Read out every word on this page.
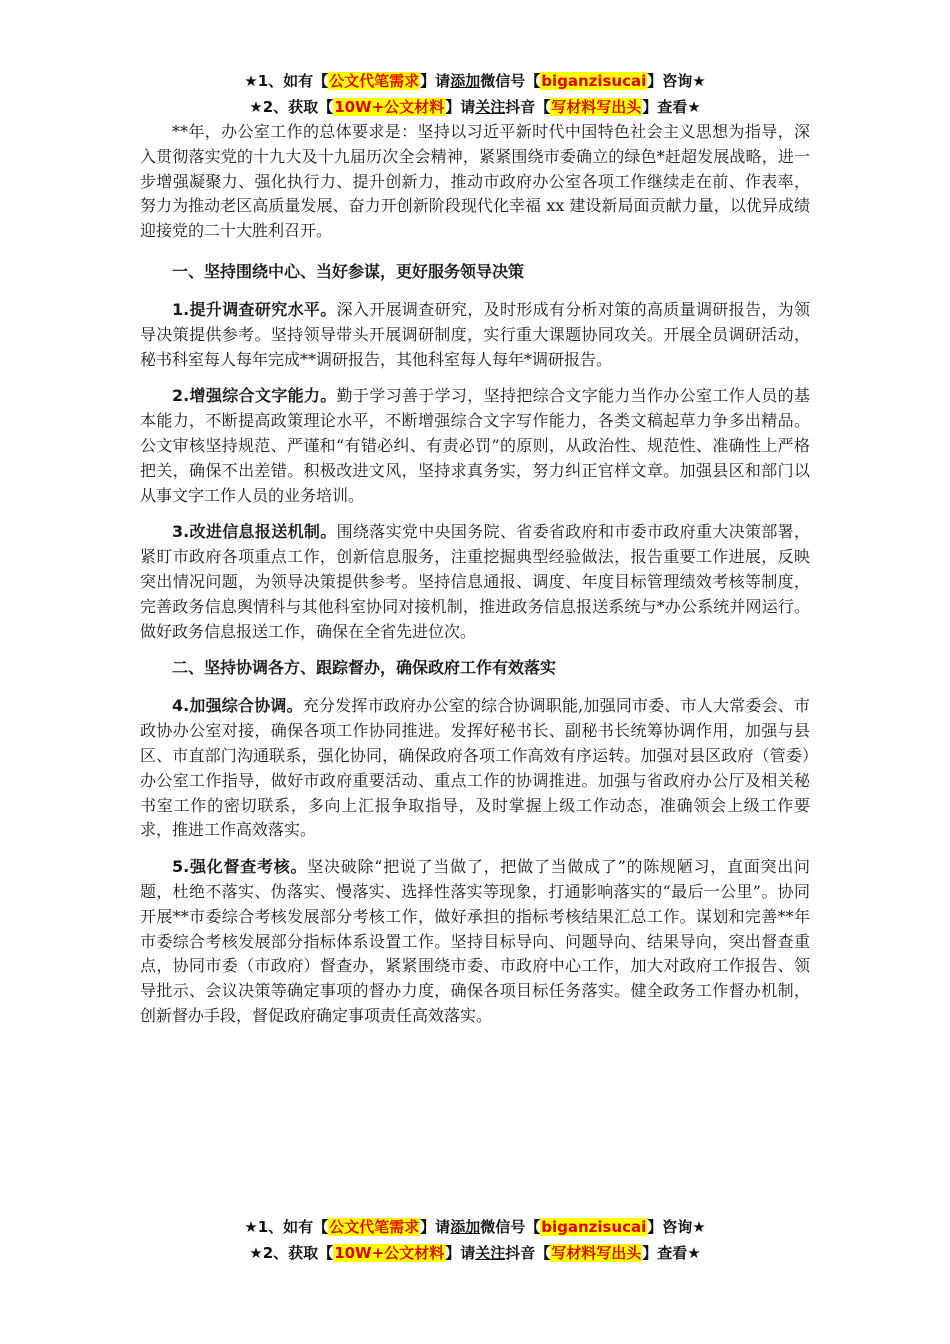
★1、如有【公文代笔需求】请添加微信号【biganzisucai】咨询★
★2、获取【10W+公文材料】请关注抖音【写材料写出头】查看★

**年，办公室工作的总体要求是：坚持以习近平新时代中国特色社会主义思想为指导，深入贯彻落实党的十九大及十九届历次全会精神，紧紧围绕市委确立的绿色*赶超发展战略，进一步增强凝聚力、强化执行力、提升创新力，推动市政府办公室各项工作继续走在前、作表率，努力为推动老区高质量发展、奋力开创新阶段现代化幸福 xx 建设新局面贡献力量，以优异成绩迎接党的二十大胜利召开。

一、坚持围绕中心、当好参谋，更好服务领导决策

1.提升调查研究水平。深入开展调查研究，及时形成有分析对策的高质量调研报告，为领导决策提供参考。坚持领导带头开展调研制度，实行重大课题协同攻关。开展全员调研活动，秘书科室每人每年完成**调研报告，其他科室每人每年*调研报告。

2.增强综合文字能力。勤于学习善于学习，坚持把综合文字能力当作办公室工作人员的基本能力，不断提高政策理论水平，不断增强综合文字写作能力，各类文稿起草力争多出精品。公文审核坚持规范、严谨和“有错必纠、有责必罚”的原则，从政治性、规范性、准确性上严格把关，确保不出差错。积极改进文风，坚持求真务实，努力纠正官样文章。加强县区和部门以从事文字工作人员的业务培训。

3.改进信息报送机制。围绕落实党中央国务院、省委省政府和市委市政府重大决策部署，紧盯市政府各项重点工作，创新信息服务，注重挖掘典型经验做法，报告重要工作进展，反映突出情况问题，为领导决策提供参考。坚持信息通报、调度、年度目标管理绩效考核等制度，完善政务信息舆情科与其他科室协同对接机制，推进政务信息报送系统与*办公系统并网运行。做好政务信息报送工作，确保在全省先进位次。

二、坚持协调各方、跟踪督办，确保政府工作有效落实

4.加强综合协调。充分发挥市政府办公室的综合协调职能,加强同市委、市人大常委会、市政协办公室对接，确保各项工作协同推进。发挥好秘书长、副秘书长统筹协调作用，加强与县区、市直部门沟通联系，强化协同，确保政府各项工作高效有序运转。加强对县区政府（管委）办公室工作指导，做好市政府重要活动、重点工作的协调推进。加强与省政府办公厅及相关秘书室工作的密切联系，多向上汇报争取指导，及时掌握上级工作动态，准确领会上级工作要求，推进工作高效落实。

5.强化督查考核。坚决破除“把说了当做了，把做了当做成了”的陈规陋习，直面突出问题，杜绝不落实、伪落实、慢落实、选择性落实等现象，打通影响落实的“最后一公里”。协同开展**市委综合考核发展部分考核工作，做好承担的指标考核结果汇总工作。谋划和完善**年市委综合考核发展部分指标体系设置工作。坚持目标导向、问题导向、结果导向，突出督查重点，协同市委（市政府）督查办，紧紧围绕市委、市政府中心工作，加大对政府工作报告、领导批示、会议决策等确定事项的督办力度，确保各项目标任务落实。健全政务工作督办机制，创新督办手段，督促政府确定事项责任高效落实。

★1、如有【公文代笔需求】请添加微信号【biganzisucai】咨询★
★2、获取【10W+公文材料】请关注抖音【写材料写出头】查看★
